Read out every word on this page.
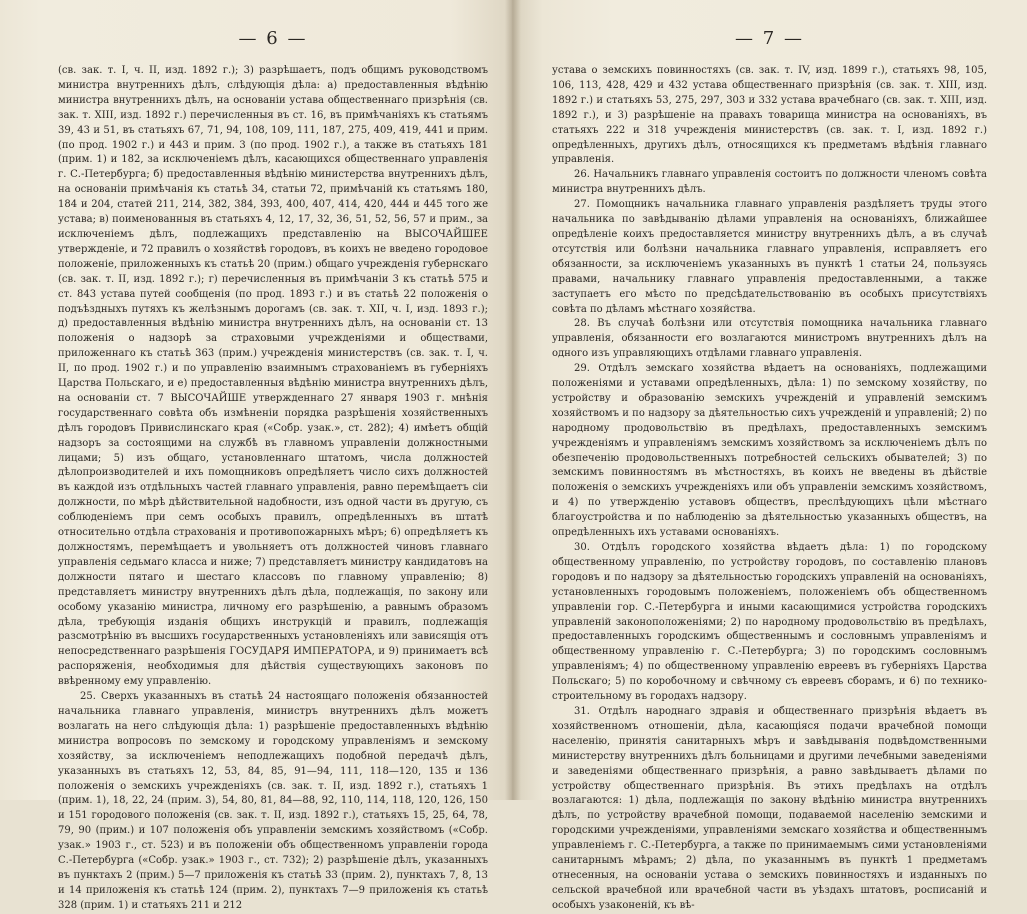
— 6 —

(св. зак. т. I, ч. II, изд. 1892 г.); 3) разрѣшаетъ, подъ общимъ руководствомъ министра внутреннихъ дѣлъ, слѣдующія дѣла: а) предоставленныя вѣдѣнію министра внутреннихъ дѣлъ, на основаніи устава общественнаго призрѣнія (св. зак. т. XIII, изд. 1892 г.) перечисленныя въ ст. 16, въ примѣчаніяхъ къ статьямъ 39, 43 и 51, въ статьяхъ 67, 71, 94, 108, 109, 111, 187, 275, 409, 419, 441 и прим. (по прод. 1902 г.) и 443 и прим. 3 (по прод. 1902 г.), а также въ статьяхъ 181 (прим. 1) и 182, за исключеніемъ дѣлъ, касающихся общественнаго управленія г. С.-Петербурга; б) предоставленныя вѣдѣнію министерства внутреннихъ дѣлъ, на основаніи примѣчанія къ статьѣ 34, статьи 72, примѣчаній къ статьямъ 180, 184 и 204, статей 211, 214, 382, 384, 393, 400, 407, 414, 420, 444 и 445 того же устава; в) поименованныя въ статьяхъ 4, 12, 17, 32, 36, 51, 52, 56, 57 и прим., за исключеніемъ дѣлъ, подлежащихъ представленію на ВЫСОЧАЙШЕЕ утвержденіе, и 72 правилъ о хозяйствѣ городовъ, въ коихъ не введено городовое положеніе, приложенныхъ къ статьѣ 20 (прим.) общаго учрежденія губернскаго (св. зак. т. II, изд. 1892 г.); г) перечисленныя въ примѣчаніи 3 къ статьѣ 575 и ст. 843 устава путей сообщенія (по прод. 1893 г.) и въ статьѣ 22 положенія о подъѣздныхъ путяхъ къ желѣзнымъ дорогамъ (св. зак. т. XII, ч. I, изд. 1893 г.); д) предоставленныя вѣдѣнію министра внутреннихъ дѣлъ, на основаніи ст. 13 положенія о надзорѣ за страховыми учрежденіями и обществами, приложеннаго къ статьѣ 363 (прим.) учрежденія министерствъ (св. зак. т. I, ч. II, по прод. 1902 г.) и по управленію взаимнымъ страхованіемъ въ губерніяхъ Царства Польскаго, и е) предоставленныя вѣдѣнію министра внутреннихъ дѣлъ, на основаніи ст. 7 ВЫСОЧАЙШЕ утвержденнаго 27 января 1903 г. мнѣнія государственнаго совѣта объ измѣненіи порядка разрѣшенія хозяйственныхъ дѣлъ городовъ Привислинскаго края («Собр. узак.», ст. 282); 4) имѣетъ общій надзоръ за состоящими на службѣ въ главномъ управленіи должностными лицами; 5) изъ общаго, установленнаго штатомъ, числа должностей дѣлопроизводителей и ихъ помощниковъ опредѣляетъ число сихъ должностей въ каждой изъ отдѣльныхъ частей главнаго управленія, равно перемѣщаетъ сіи должности, по мѣрѣ дѣйствительной надобности, изъ одной части въ другую, съ соблюденіемъ при семъ особыхъ правилъ, опредѣленныхъ въ штатѣ относительно отдѣла страхованія и противопожарныхъ мѣръ; 6) опредѣляетъ къ должностямъ, перемѣщаетъ и увольняетъ отъ должностей чиновъ главнаго управленія седьмаго класса и ниже; 7) представляетъ министру кандидатовъ на должности пятаго и шестаго классовъ по главному управленію; 8) представляетъ министру внутреннихъ дѣлъ дѣла, подлежащія, по закону или особому указанію министра, личному его разрѣшенію, а равнымъ образомъ дѣла, требующія изданія общихъ инструкцій и правилъ, подлежащія разсмотрѣнію въ высшихъ государственныхъ установленіяхъ или зависящія отъ непосредственнаго разрѣшенія ГОСУДАРЯ ИМПЕРАТОРА, и 9) принимаетъ всѣ распоряженія, необходимыя для дѣйствія существующихъ законовъ по ввѣренному ему управленію.

25. Сверхъ указанныхъ въ статьѣ 24 настоящаго положенія обязанностей начальника главнаго управленія, министръ внутреннихъ дѣлъ можетъ возлагать на него слѣдующія дѣла: 1) разрѣшеніе предоставленныхъ вѣдѣнію министра вопросовъ по земскому и городскому управленіямъ и земскому хозяйству, за исключеніемъ неподлежащихъ подобной передачѣ дѣлъ, указанныхъ въ статьяхъ 12, 53, 84, 85, 91—94, 111, 118—120, 135 и 136 положенія о земскихъ учрежденіяхъ (св. зак. т. II, изд. 1892 г.), статьяхъ 1 (прим. 1), 18, 22, 24 (прим. 3), 54, 80, 81, 84—88, 92, 110, 114, 118, 120, 126, 150 и 151 городового положенія (св. зак. т. II, изд. 1892 г.), статьяхъ 15, 25, 64, 78, 79, 90 (прим.) и 107 положенія объ управленіи земскимъ хозяйствомъ («Собр. узак.» 1903 г., ст. 523) и въ положеніи объ общественномъ управленіи города С.-Петербурга («Собр. узак.» 1903 г., ст. 732); 2) разрѣшеніе дѣлъ, указанныхъ въ пунктахъ 2 (прим.) 5—7 приложенія къ статьѣ 33 (прим. 2), пунктахъ 7, 8, 13 и 14 приложенія къ статьѣ 124 (прим. 2), пунктахъ 7—9 приложенія къ статьѣ 328 (прим. 1) и статьяхъ 211 и 212

— 7 —

устава о земскихъ повинностяхъ (св. зак. т. IV, изд. 1899 г.), статьяхъ 98, 105, 106, 113, 428, 429 и 432 устава общественнаго призрѣнія (св. зак. т. XIII, изд. 1892 г.) и статьяхъ 53, 275, 297, 303 и 332 устава врачебнаго (св. зак. т. XIII, изд. 1892 г.), и 3) разрѣшеніе на правахъ товарища министра на основаніяхъ, въ статьяхъ 222 и 318 учрежденія министерствъ (св. зак. т. I, изд. 1892 г.) опредѣленныхъ, другихъ дѣлъ, относящихся къ предметамъ вѣдѣнія главнаго управленія.

26. Начальникъ главнаго управленія состоитъ по должности членомъ совѣта министра внутреннихъ дѣлъ.

27. Помощникъ начальника главнаго управленія раздѣляетъ труды этого начальника по завѣдыванію дѣлами управленія на основаніяхъ, ближайшее опредѣленіе коихъ предоставляется министру внутреннихъ дѣлъ, а въ случаѣ отсутствія или болѣзни начальника главнаго управленія, исправляетъ его обязанности, за исключеніемъ указанныхъ въ пунктѣ 1 статьи 24, пользуясь правами, начальнику главнаго управленія предоставленными, а также заступаетъ его мѣсто по предсѣдательствованію въ особыхъ присутствіяхъ совѣта по дѣламъ мѣстнаго хозяйства.

28. Въ случаѣ болѣзни или отсутствія помощника начальника главнаго управленія, обязанности его возлагаются министромъ внутреннихъ дѣлъ на одного изъ управляющихъ отдѣлами главнаго управленія.

29. Отдѣлъ земскаго хозяйства вѣдаетъ на основаніяхъ, подлежащими положеніями и уставами опредѣленныхъ, дѣла: 1) по земскому хозяйству, по устройству и образованію земскихъ учрежденій и управленій земскимъ хозяйствомъ и по надзору за дѣятельностью сихъ учрежденій и управленій; 2) по народному продовольствію въ предѣлахъ, предоставленныхъ земскимъ учрежденіямъ и управленіямъ земскимъ хозяйствомъ за исключеніемъ дѣлъ по обезпеченію продовольственныхъ потребностей сельскихъ обывателей; 3) по земскимъ повинностямъ въ мѣстностяхъ, въ коихъ не введены въ дѣйствіе положенія о земскихъ учрежденіяхъ или объ управленіи земскимъ хозяйствомъ, и 4) по утвержденію уставовъ обществъ, преслѣдующихъ цѣли мѣстнаго благоустройства и по наблюденію за дѣятельностью указанныхъ обществъ, на опредѣленныхъ ихъ уставами основаніяхъ.

30. Отдѣлъ городского хозяйства вѣдаетъ дѣла: 1) по городскому общественному управленію, по устройству городовъ, по составленію плановъ городовъ и по надзору за дѣятельностью городскихъ управленій на основаніяхъ, установленныхъ городовымъ положеніемъ, положеніемъ объ общественномъ управленіи гор. С.-Петербурга и иными касающимися устройства городскихъ управленій законоположеніями; 2) по народному продовольствію въ предѣлахъ, предоставленныхъ городскимъ общественнымъ и сословнымъ управленіямъ и общественному управленію г. С.-Петербурга; 3) по городскимъ сословнымъ управленіямъ; 4) по общественному управленію евреевъ въ губерніяхъ Царства Польскаго; 5) по коробочному и свѣчному съ евреевъ сборамъ, и 6) по технико-строительному въ городахъ надзору.

31. Отдѣлъ народнаго здравія и общественнаго призрѣнія вѣдаетъ въ хозяйственномъ отношеніи, дѣла, касающіяся подачи врачебной помощи населенію, принятія санитарныхъ мѣръ и завѣдыванія подвѣдомственными министерству внутреннихъ дѣлъ больницами и другими лечебными заведеніями и заведеніями общественнаго призрѣнія, а равно завѣдываетъ дѣлами по устройству общественнаго призрѣнія. Въ этихъ предѣлахъ на отдѣлъ возлагаются: 1) дѣла, подлежащія по закону вѣдѣнію министра внутреннихъ дѣлъ, по устройству врачебной помощи, подаваемой населенію земскими и городскими учрежденіями, управленіями земскаго хозяйства и общественнымъ управленіемъ г. С.-Петербурга, а также по принимаемымъ сими установленіями санитарнымъ мѣрамъ; 2) дѣла, по указаннымъ въ пунктѣ 1 предметамъ отнесенныя, на основаніи устава о земскихъ повинностяхъ и изданныхъ по сельской врачебной или врачебной части въ уѣздахъ штатовъ, росписаній и особыхъ узаконеній, къ вѣ-
